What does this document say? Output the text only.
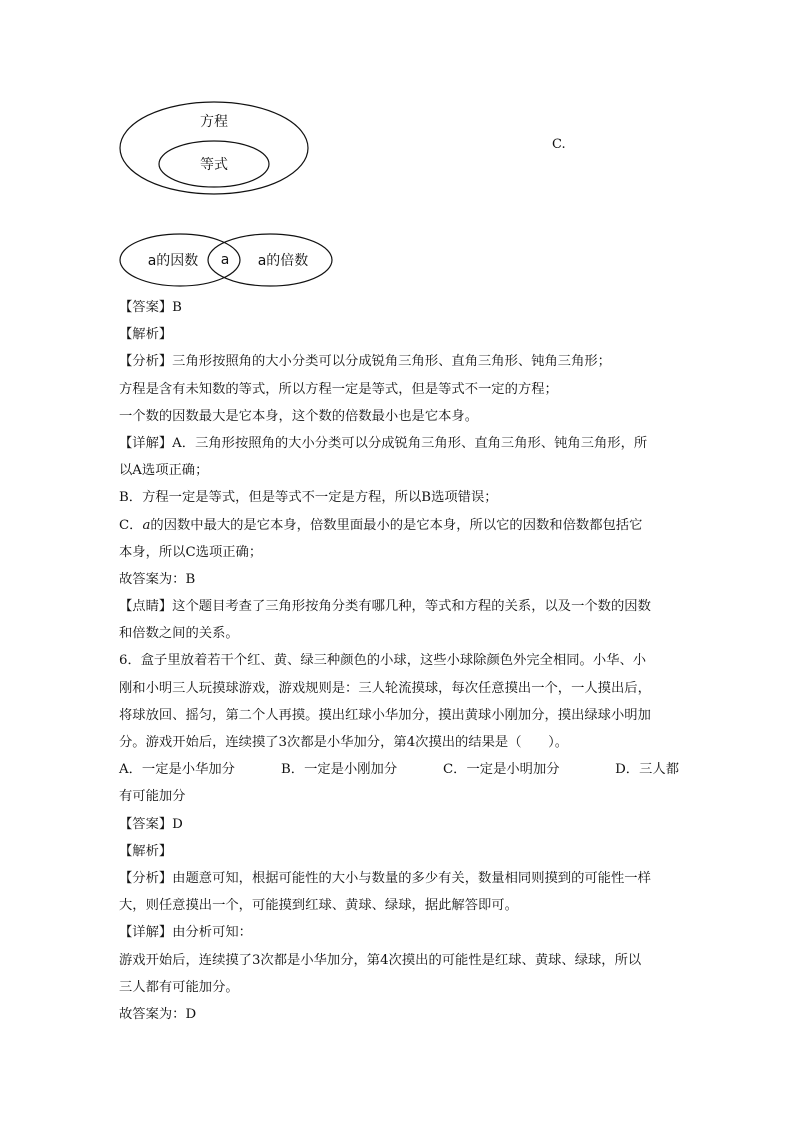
方程
等式
C.
a的因数 a a的倍数
【答案】B
【解析】
【分析】三角形按照角的大小分类可以分成锐角三角形、直角三角形、钝角三角形；
方程是含有未知数的等式，所以方程一定是等式，但是等式不一定的方程；
一个数的因数最大是它本身，这个数的倍数最小也是它本身。
【详解】A．三角形按照角的大小分类可以分成锐角三角形、直角三角形、钝角三角形，所
以A选项正确；
B．方程一定是等式，但是等式不一定是方程，所以B选项错误；
C．𝑎的因数中最大的是它本身，倍数里面最小的是它本身，所以它的因数和倍数都包括它
本身，所以C选项正确；
故答案为：B
【点睛】这个题目考查了三角形按角分类有哪几种，等式和方程的关系，以及一个数的因数
和倍数之间的关系。
6．盒子里放着若干个红、黄、绿三种颜色的小球，这些小球除颜色外完全相同。小华、小
刚和小明三人玩摸球游戏，游戏规则是：三人轮流摸球，每次任意摸出一个，一人摸出后，
将球放回、摇匀，第二个人再摸。摸出红球小华加分，摸出黄球小刚加分，摸出绿球小明加
分。游戏开始后，连续摸了3次都是小华加分，第4次摸出的结果是（　　）。
A．一定是小华加分	B．一定是小刚加分	C．一定是小明加分	D．三人都
有可能加分
【答案】D
【解析】
【分析】由题意可知，根据可能性的大小与数量的多少有关，数量相同则摸到的可能性一样
大，则任意摸出一个，可能摸到红球、黄球、绿球，据此解答即可。
【详解】由分析可知：
游戏开始后，连续摸了3次都是小华加分，第4次摸出的可能性是红球、黄球、绿球，所以
三人都有可能加分。
故答案为：D
